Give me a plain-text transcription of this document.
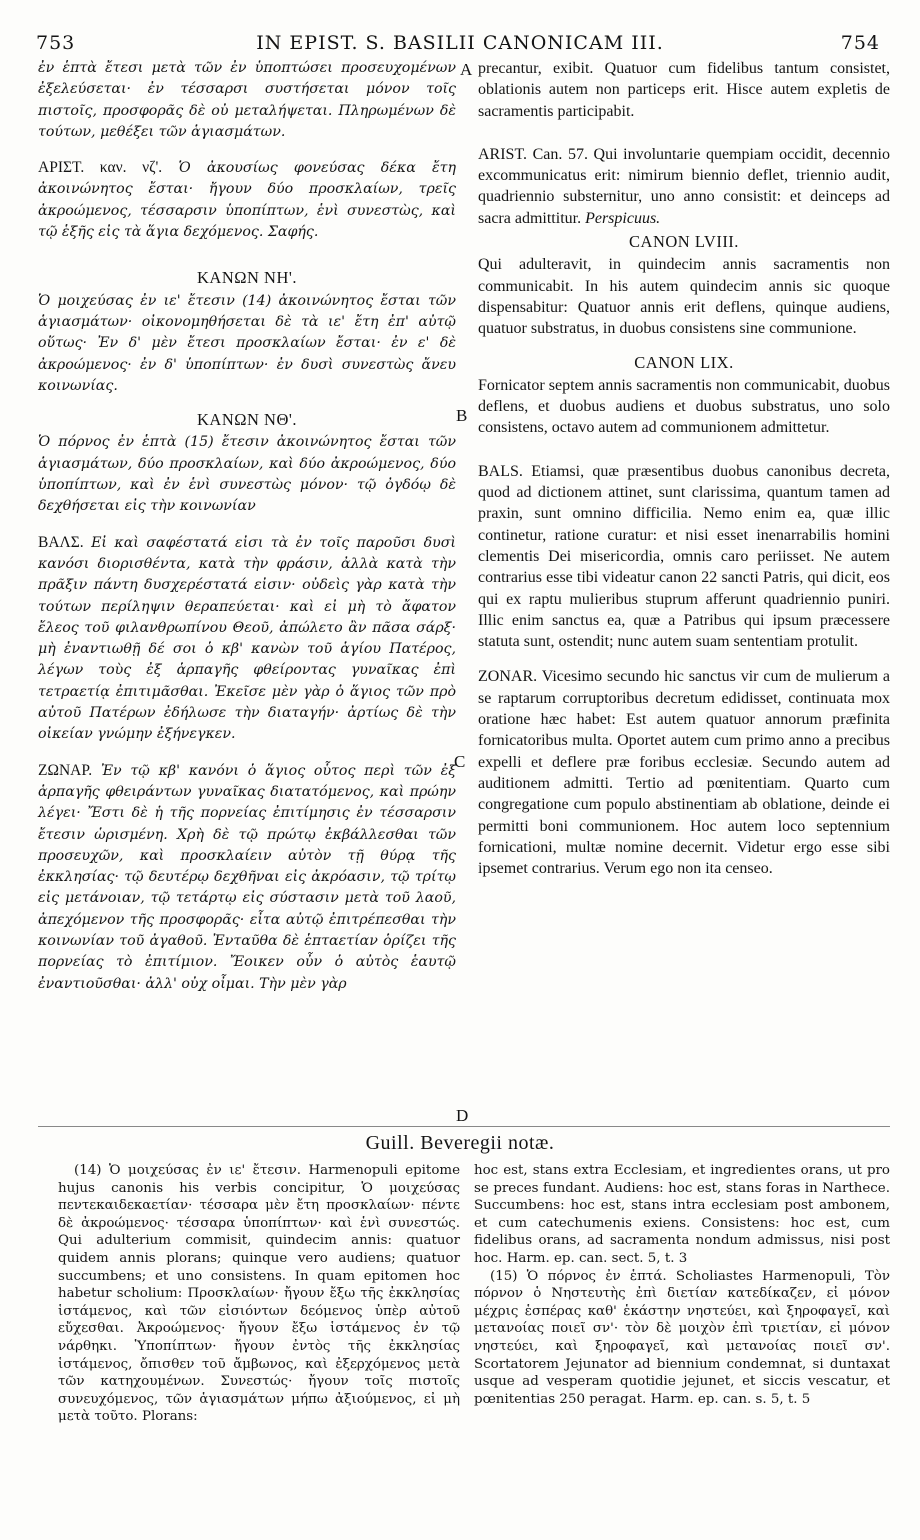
753	IN EPIST. S. BASILII CANONICAM III.	754
A
B
C
D

ἐν ἑπτὰ ἔτεσι μετὰ τῶν ἐν ὑποπτώσει προσευχομένων ἐξελεύσεται· ἐν τέσσαρσι συστήσεται μόνον τοῖς πιστοῖς, προσφορᾶς δὲ οὐ μεταλήψεται. Πληρωμένων δὲ τούτων, μεθέξει τῶν ἁγιασμάτων.

ΑΡΙΣΤ. καν. νζ'. Ὁ ἀκουσίως φονεύσας δέκα ἔτη ἀκοινώνητος ἔσται· ἤγουν δύο προσκλαίων, τρεῖς ἀκροώμενος, τέσσαρσιν ὑποπίπτων, ἑνὶ συνεστὼς, καὶ τῷ ἑξῆς εἰς τὰ ἅγια δεχόμενος. Σαφής.

ΚΑΝΩΝ ΝΗ'.

Ὁ μοιχεύσας ἐν ιε' ἔτεσιν (14) ἀκοινώνητος ἔσται τῶν ἁγιασμάτων· οἰκονομηθήσεται δὲ τὰ ιε' ἔτη ἐπ' αὐτῷ οὕτως· Ἐν δ' μὲν ἔτεσι προσκλαίων ἔσται· ἐν ε' δὲ ἀκροώμενος· ἐν δ' ὑποπίπτων· ἐν δυσὶ συνεστὼς ἄνευ κοινωνίας.

ΚΑΝΩΝ ΝΘ'.

Ὁ πόρνος ἐν ἑπτὰ (15) ἔτεσιν ἀκοινώνητος ἔσται τῶν ἁγιασμάτων, δύο προσκλαίων, καὶ δύο ἀκροώμενος, δύο ὑποπίπτων, καὶ ἐν ἑνὶ συνεστὼς μόνον· τῷ ὀγδόῳ δὲ δεχθήσεται εἰς τὴν κοινωνίαν

ΒΑΛΣ. Εἰ καὶ σαφέστατά εἰσι τὰ ἐν τοῖς παροῦσι δυσὶ κανόσι διορισθέντα, κατὰ τὴν φράσιν, ἀλλὰ κατὰ τὴν πρᾶξιν πάντη δυσχερέστατά εἰσιν· οὐδεὶς γὰρ κατὰ τὴν τούτων περίληψιν θεραπεύεται· καὶ εἰ μὴ τὸ ἄφατον ἔλεος τοῦ φιλανθρωπίνου Θεοῦ, ἀπώλετο ἂν πᾶσα σάρξ· μὴ ἐναντιωθῇ δέ σοι ὁ κβ' κανὼν τοῦ ἁγίου Πατέρος, λέγων τοὺς ἐξ ἁρπαγῆς φθείροντας γυναῖκας ἐπὶ τετραετίᾳ ἐπιτιμᾶσθαι. Ἐκεῖσε μὲν γὰρ ὁ ἅγιος τῶν πρὸ αὐτοῦ Πατέρων ἐδήλωσε τὴν διαταγήν· ἀρτίως δὲ τὴν οἰκείαν γνώμην ἐξήνεγκεν.

ΖΩΝΑΡ. Ἐν τῷ κβ' κανόνι ὁ ἅγιος οὗτος περὶ τῶν ἐξ ἁρπαγῆς φθειράντων γυναῖκας διατατόμενος, καὶ πρώην λέγει· Ἔστι δὲ ἡ τῆς πορνείας ἐπιτίμησις ἐν τέσσαρσιν ἔτεσιν ὡρισμένη. Χρὴ δὲ τῷ πρώτῳ ἐκβάλλεσθαι τῶν προσευχῶν, καὶ προσκλαίειν αὐτὸν τῇ θύρᾳ τῆς ἐκκλησίας· τῷ δευτέρῳ δεχθῆναι εἰς ἀκρόασιν, τῷ τρίτῳ εἰς μετάνοιαν, τῷ τετάρτῳ εἰς σύστασιν μετὰ τοῦ λαοῦ, ἀπεχόμενον τῆς προσφορᾶς· εἶτα αὐτῷ ἐπιτρέπεσθαι τὴν κοινωνίαν τοῦ ἀγαθοῦ. Ἐνταῦθα δὲ ἑπταετίαν ὁρίζει τῆς πορνείας τὸ ἐπιτίμιον. Ἔοικεν οὖν ὁ αὐτὸς ἑαυτῷ ἐναντιοῦσθαι· ἀλλ' οὐχ οἶμαι. Τὴν μὲν γὰρ

precantur, exibit. Quatuor cum fidelibus tantum consistet, oblationis autem non particeps erit. Hisce autem expletis de sacramentis participabit.

ARIST. Can. 57. Qui involuntarie quempiam occidit, decennio excommunicatus erit: nimirum biennio deflet, triennio audit, quadriennio substernitur, uno anno consistit: et deinceps ad sacra admittitur. Perspicuus.

CANON LVIII.

Qui adulteravit, in quindecim annis sacramentis non communicabit. In his autem quindecim annis sic quoque dispensabitur: Quatuor annis erit deflens, quinque audiens, quatuor substratus, in duobus consistens sine communione.

CANON LIX.

Fornicator septem annis sacramentis non communicabit, duobus deflens, et duobus audiens et duobus substratus, uno solo consistens, octavo autem ad communionem admittetur.

BALS. Etiamsi, quæ præsentibus duobus canonibus decreta, quod ad dictionem attinet, sunt clarissima, quantum tamen ad praxin, sunt omnino difficilia. Nemo enim ea, quæ illic continetur, ratione curatur: et nisi esset inenarrabilis homini clementis Dei misericordia, omnis caro periisset. Ne autem contrarius esse tibi videatur canon 22 sancti Patris, qui dicit, eos qui ex raptu mulieribus stuprum afferunt quadriennio puniri. Illic enim sanctus ea, quæ a Patribus qui ipsum præcessere statuta sunt, ostendit; nunc autem suam sententiam protulit.

ZONAR. Vicesimo secundo hic sanctus vir cum de mulierum a se raptarum corruptoribus decretum edidisset, continuata mox oratione hæc habet: Est autem quatuor annorum præfinita fornicatoribus multa. Oportet autem cum primo anno a precibus expelli et deflere præ foribus ecclesiæ. Secundo autem ad auditionem admitti. Tertio ad pœnitentiam. Quarto cum congregatione cum populo abstinentiam ab oblatione, deinde ei permitti boni communionem. Hoc autem loco septennium fornicationi, multæ nomine decernit. Videtur ergo esse sibi ipsemet contrarius. Verum ego non ita censeo.

Guill. Beveregii notæ.

(14) Ὁ μοιχεύσας ἐν ιε' ἔτεσιν. Harmenopuli epitome hujus canonis his verbis concipitur, Ὁ μοιχεύσας πεντεκαιδεκαετίαν· τέσσαρα μὲν ἔτη προσκλαίων· πέντε δὲ ἀκροώμενος· τέσσαρα ὑποπίπτων· καὶ ἑνὶ συνεστώς. Qui adulterium commisit, quindecim annis: quatuor quidem annis plorans; quinque vero audiens; quatuor succumbens; et uno consistens. In quam epitomen hoc habetur scholium: Προσκλαίων· ἤγουν ἔξω τῆς ἐκκλησίας ἱστάμενος, καὶ τῶν εἰσιόντων δεόμενος ὑπὲρ αὐτοῦ εὔχεσθαι. Ἀκροώμενος· ἤγουν ἔξω ἱστάμενος ἐν τῷ νάρθηκι. Ὑποπίπτων· ἤγουν ἐντὸς τῆς ἐκκλησίας ἱστάμενος, ὄπισθεν τοῦ ἄμβωνος, καὶ ἐξερχόμενος μετὰ τῶν κατηχουμένων. Συνεστώς· ἤγουν τοῖς πιστοῖς συνευχόμενος, τῶν ἁγιασμάτων μήπω ἀξιούμενος, εἰ μὴ μετὰ τοῦτο. Plorans:

hoc est, stans extra Ecclesiam, et ingredientes orans, ut pro se preces fundant. Audiens: hoc est, stans foras in Narthece. Succumbens: hoc est, stans intra ecclesiam post ambonem, et cum catechumenis exiens. Consistens: hoc est, cum fidelibus orans, ad sacramenta nondum admissus, nisi post hoc. Harm. ep. can. sect. 5, t. 3

(15) Ὁ πόρνος ἐν ἑπτά. Scholiastes Harmenopuli, Τὸν πόρνον ὁ Νηστευτὴς ἐπὶ διετίαν κατεδίκαζεν, εἰ μόνον μέχρις ἑσπέρας καθ' ἑκάστην νηστεύει, καὶ ξηροφαγεῖ, καὶ μετανοίας ποιεῖ σν'· τὸν δὲ μοιχὸν ἐπὶ τριετίαν, εἰ μόνον νηστεύει, καὶ ξηροφαγεῖ, καὶ μετανοίας ποιεῖ σν'. Scortatorem Jejunator ad biennium condemnat, si duntaxat usque ad vesperam quotidie jejunet, et siccis vescatur, et pœnitentias 250 peragat. Harm. ep. can. s. 5, t. 5
